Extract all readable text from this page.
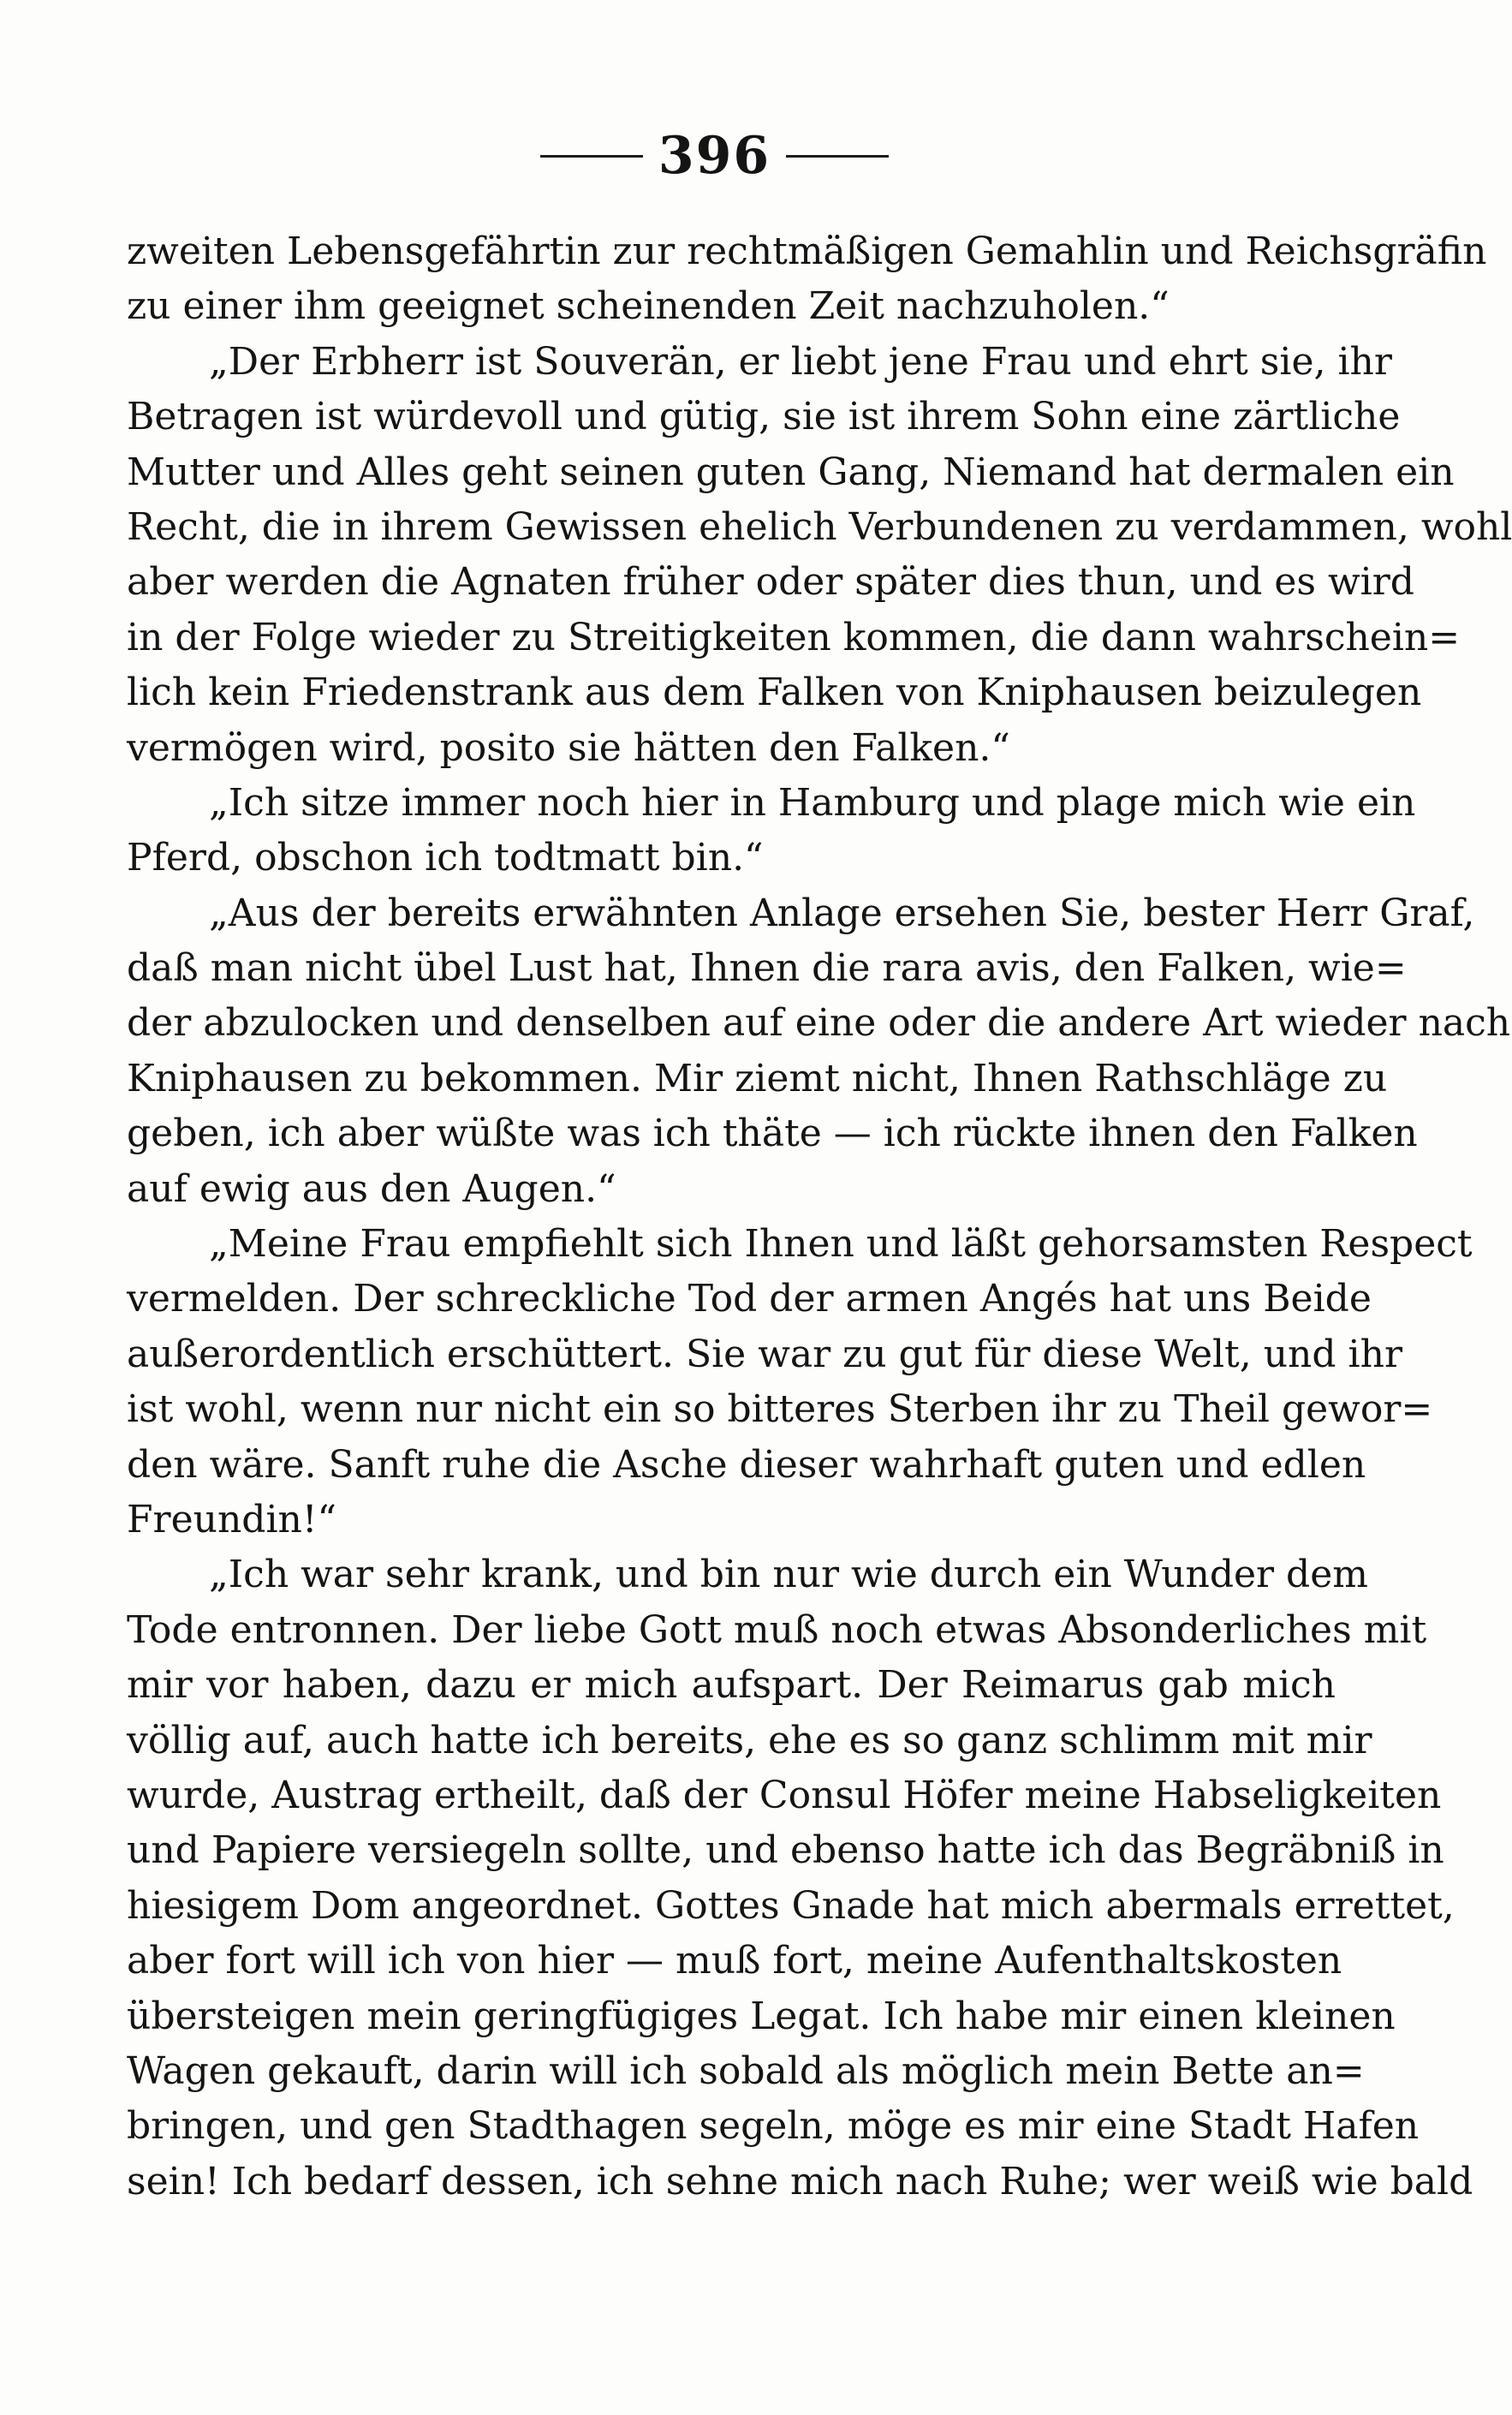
396
zweiten Lebensgefährtin zur rechtmäßigen Gemahlin und Reichsgräfin
zu einer ihm geeignet scheinenden Zeit nachzuholen.“
„Der Erbherr ist Souverän, er liebt jene Frau und ehrt sie, ihr
Betragen ist würdevoll und gütig, sie ist ihrem Sohn eine zärtliche
Mutter und Alles geht seinen guten Gang, Niemand hat dermalen ein
Recht, die in ihrem Gewissen ehelich Verbundenen zu verdammen, wohl
aber werden die Agnaten früher oder später dies thun, und es wird
in der Folge wieder zu Streitigkeiten kommen, die dann wahrschein=
lich kein Friedenstrank aus dem Falken von Kniphausen beizulegen
vermögen wird, posito sie hätten den Falken.“
„Ich sitze immer noch hier in Hamburg und plage mich wie ein
Pferd, obschon ich todtmatt bin.“
„Aus der bereits erwähnten Anlage ersehen Sie, bester Herr Graf,
daß man nicht übel Lust hat, Ihnen die rara avis, den Falken, wie=
der abzulocken und denselben auf eine oder die andere Art wieder nach
Kniphausen zu bekommen. Mir ziemt nicht, Ihnen Rathschläge zu
geben, ich aber wüßte was ich thäte — ich rückte ihnen den Falken
auf ewig aus den Augen.“
„Meine Frau empfiehlt sich Ihnen und läßt gehorsamsten Respect
vermelden. Der schreckliche Tod der armen Angés hat uns Beide
außerordentlich erschüttert. Sie war zu gut für diese Welt, und ihr
ist wohl, wenn nur nicht ein so bitteres Sterben ihr zu Theil gewor=
den wäre. Sanft ruhe die Asche dieser wahrhaft guten und edlen
Freundin!“
„Ich war sehr krank, und bin nur wie durch ein Wunder dem
Tode entronnen. Der liebe Gott muß noch etwas Absonderliches mit
mir vor haben, dazu er mich aufspart. Der Reimarus gab mich
völlig auf, auch hatte ich bereits, ehe es so ganz schlimm mit mir
wurde, Austrag ertheilt, daß der Consul Höfer meine Habseligkeiten
und Papiere versiegeln sollte, und ebenso hatte ich das Begräbniß in
hiesigem Dom angeordnet. Gottes Gnade hat mich abermals errettet,
aber fort will ich von hier — muß fort, meine Aufenthaltskosten
übersteigen mein geringfügiges Legat. Ich habe mir einen kleinen
Wagen gekauft, darin will ich sobald als möglich mein Bette an=
bringen, und gen Stadthagen segeln, möge es mir eine Stadt Hafen
sein! Ich bedarf dessen, ich sehne mich nach Ruhe; wer weiß wie bald
